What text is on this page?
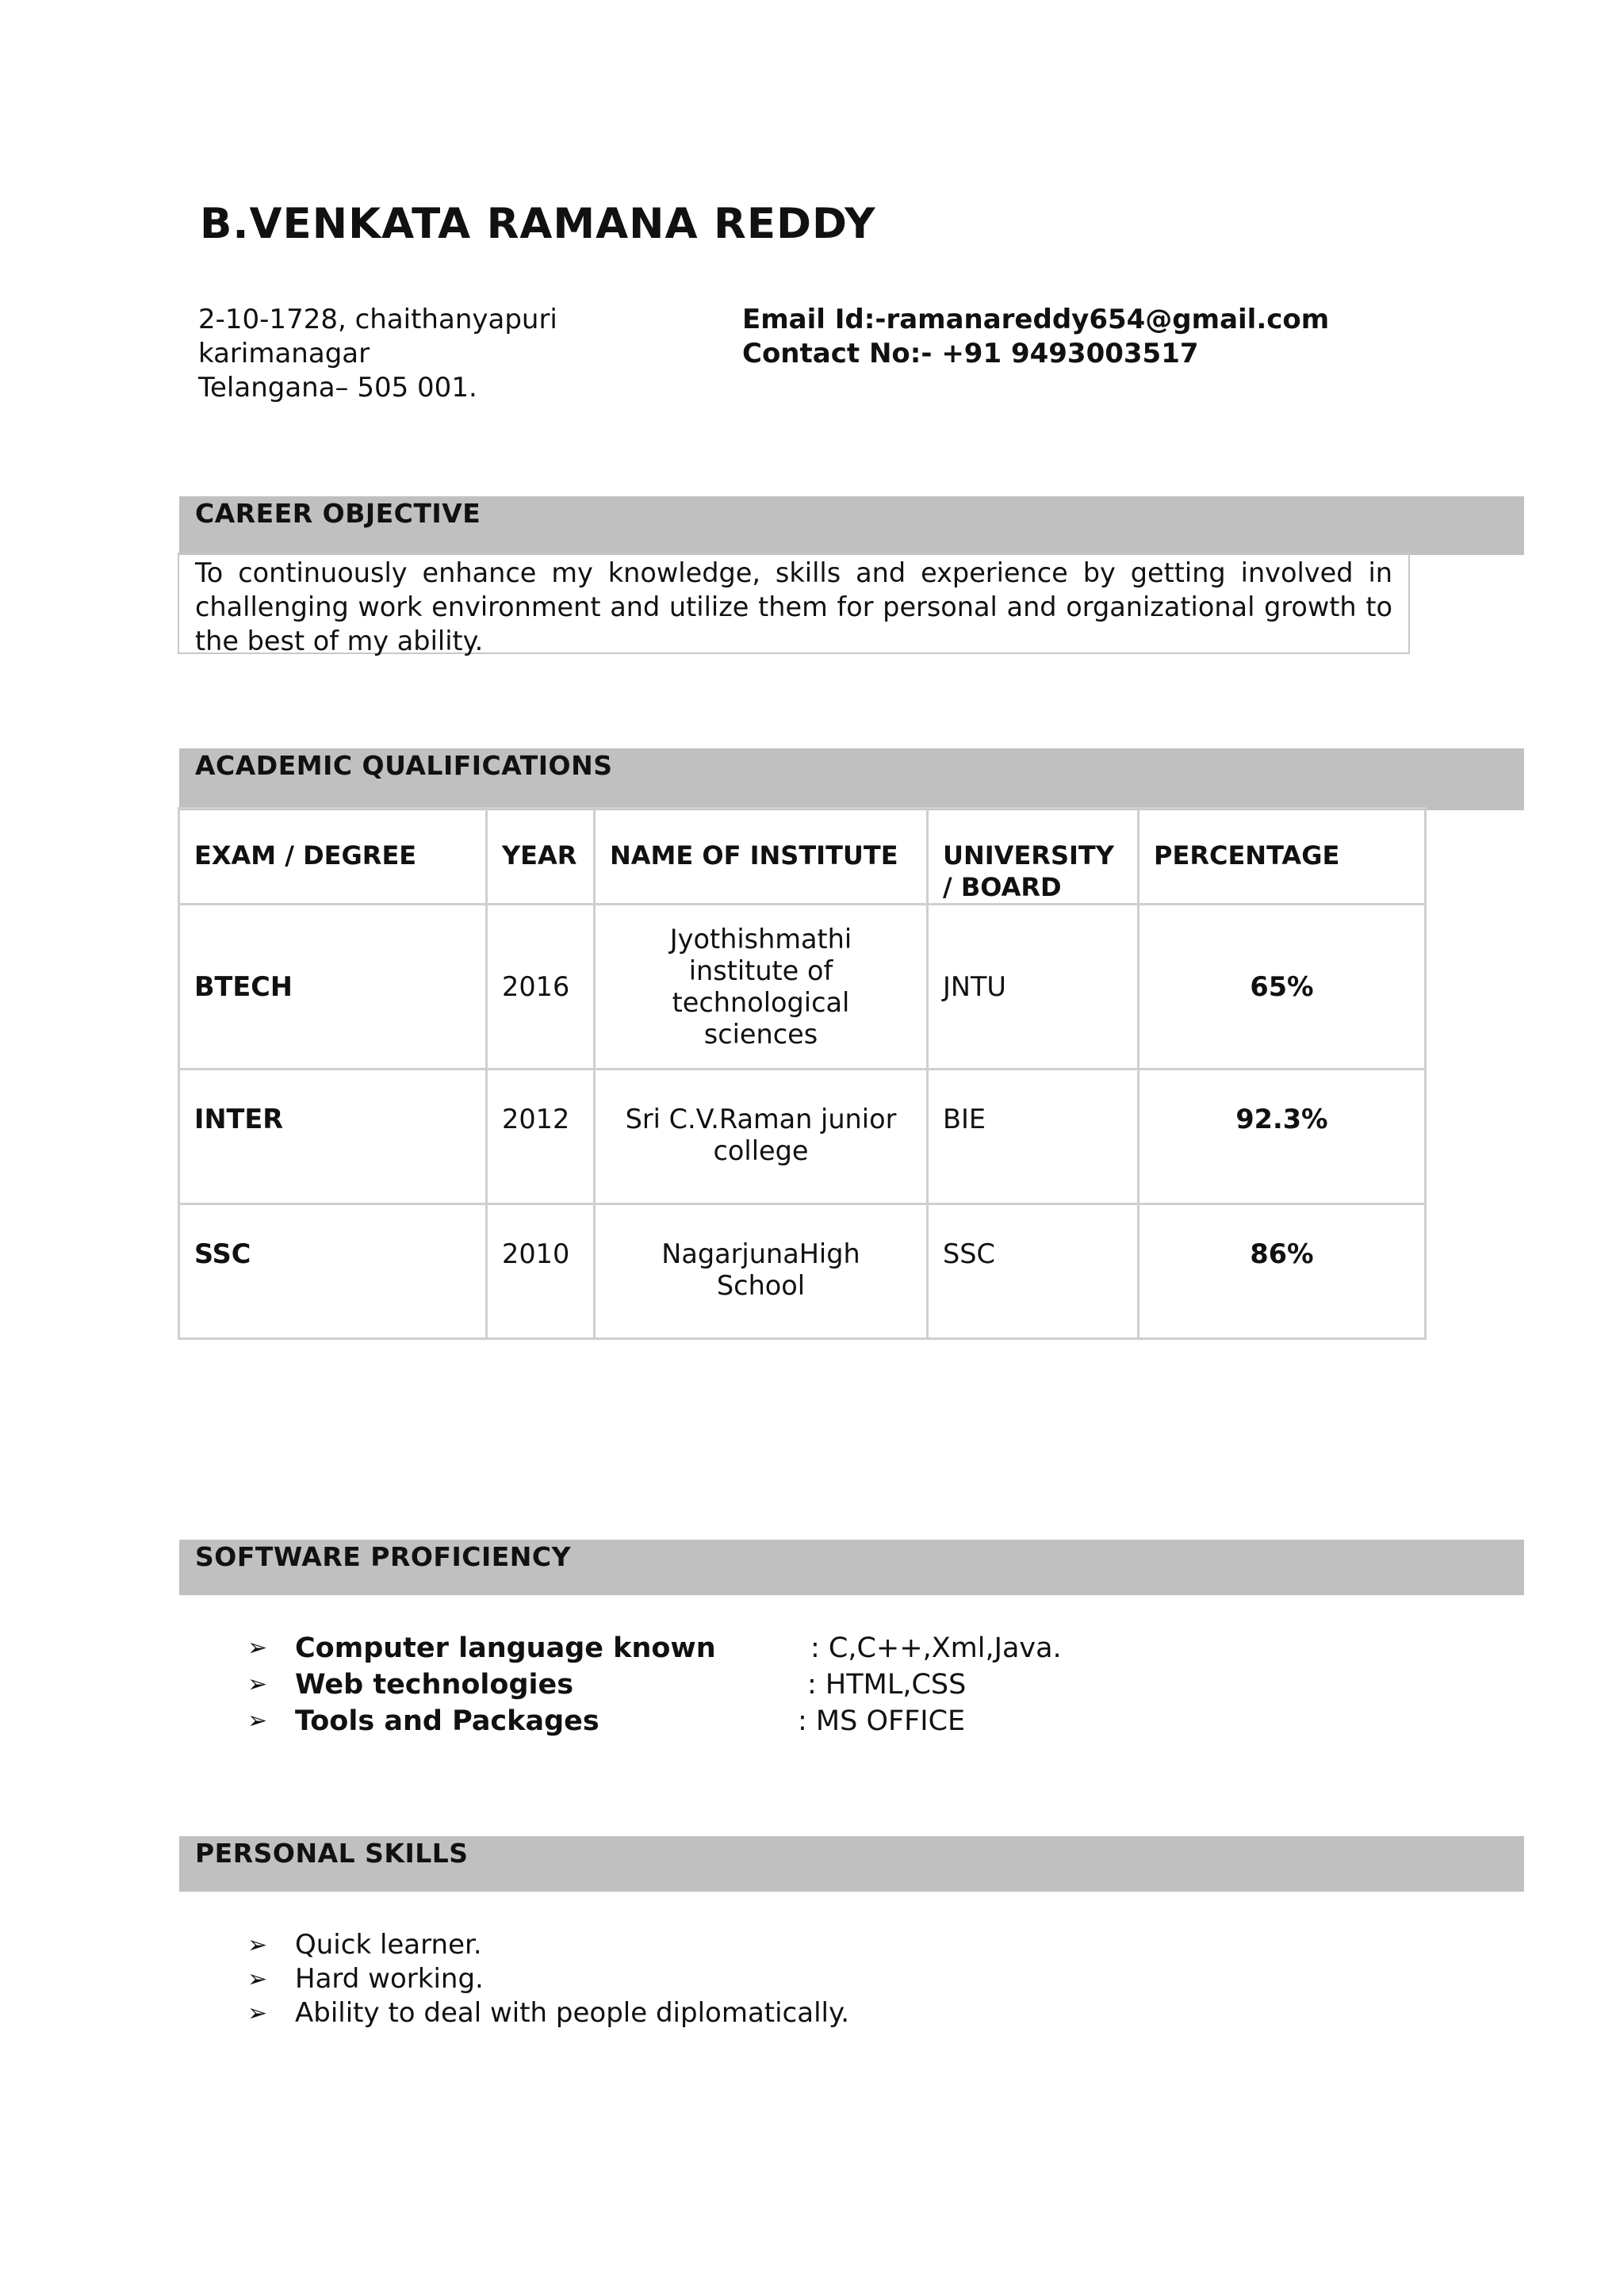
B.VENKATA RAMANA REDDY
2-10-1728, chaithanyapuri
karimanagar
Telangana– 505 001.
Email Id:-ramanareddy654@gmail.com
Contact No:- +91 9493003517
CAREER OBJECTIVE
To continuously enhance my knowledge, skills and experience by getting involved in challenging work environment and utilize them for personal and organizational growth to the best of my ability.
ACADEMIC QUALIFICATIONS
EXAM / DEGREE	YEAR	NAME OF INSTITUTE	UNIVERSITY / BOARD	PERCENTAGE

BTECH	2016	Jyothishmathi institute of technological sciences	JNTU	65%

INTER	2012	Sri C.V.Raman junior college	BIE	92.3%

SSC	2010	NagarjunaHigh School	SSC	86%
SOFTWARE PROFICIENCY
➢ Computer language known	: C,C++,Xml,Java.
➢ Web technologies	: HTML,CSS
➢ Tools and Packages	: MS OFFICE
PERSONAL SKILLS
➢ Quick learner.
➢ Hard working.
➢ Ability to deal with people diplomatically.
